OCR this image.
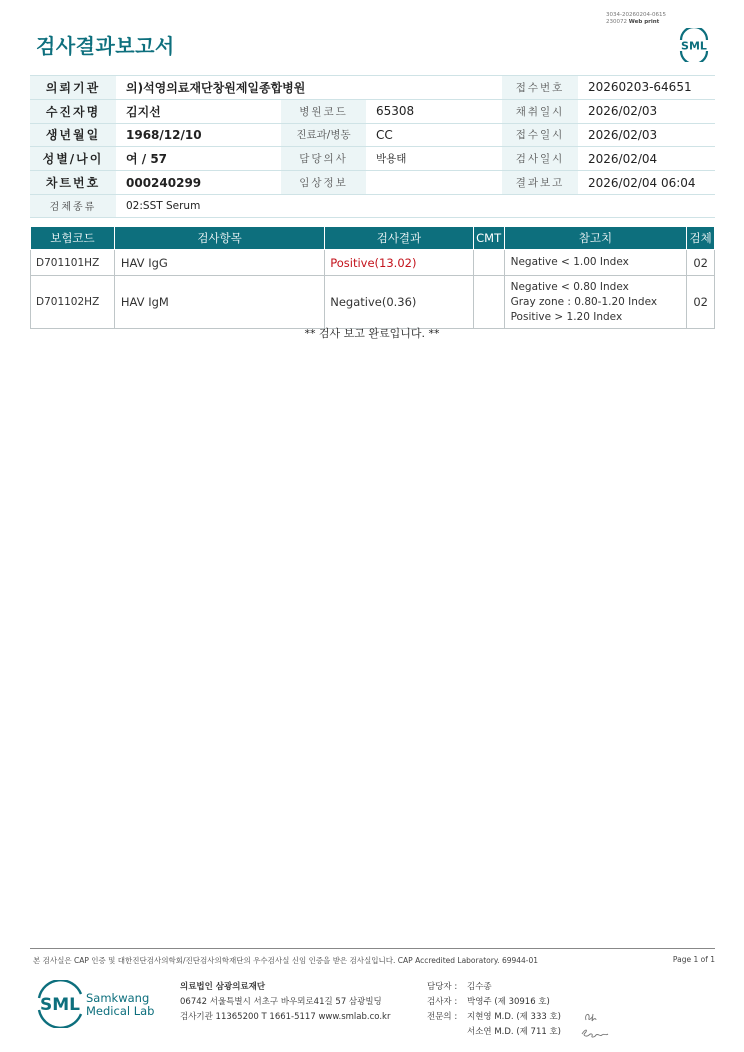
검사결과보고서
3034-20260204-0615
230072 Web print
SML
의뢰기관	의)석영의료재단창원제일종합병원			접수번호	20260203-64651
수진자명	김지선	병원코드	65308	채취일시	2026/02/03
생년월일	1968/12/10	진료과/병동	CC	접수일시	2026/02/03
성별/나이	여 / 57	담당의사	박용태	검사일시	2026/02/04
차트번호	000240299	임상정보		결과보고	2026/02/04 06:04
검체종류	02:SST Serum				
보험코드	검사항목	검사결과	CMT	참고치	검체
D701101HZ	HAV IgG	Positive(13.02)		Negative < 1.00 Index	02
D701102HZ	HAV IgM	Negative(0.36)		Negative < 0.80 Index
Gray zone : 0.80-1.20 Index
Positive > 1.20 Index	02
** 검사 보고 완료입니다. **
본 검사실은 CAP 인증 및 대한진단검사의학회/진단검사의학재단의 우수검사실 신임 인증을 받은 검사실입니다. CAP Accredited Laboratory. 69944-01	Page 1 of 1
SML Samkwang
Medical Lab
의료법인 삼광의료재단
06742 서울특별시 서초구 바우뫼로41길 57 삼광빌딩
검사기관 11365200 T 1661-5117 www.smlab.co.kr
담당자 :	김수종
검사자 :	박영주 (제 30916 호)
전문의 :	지현영 M.D. (제 333 호)
서소연 M.D. (제 711 호)
